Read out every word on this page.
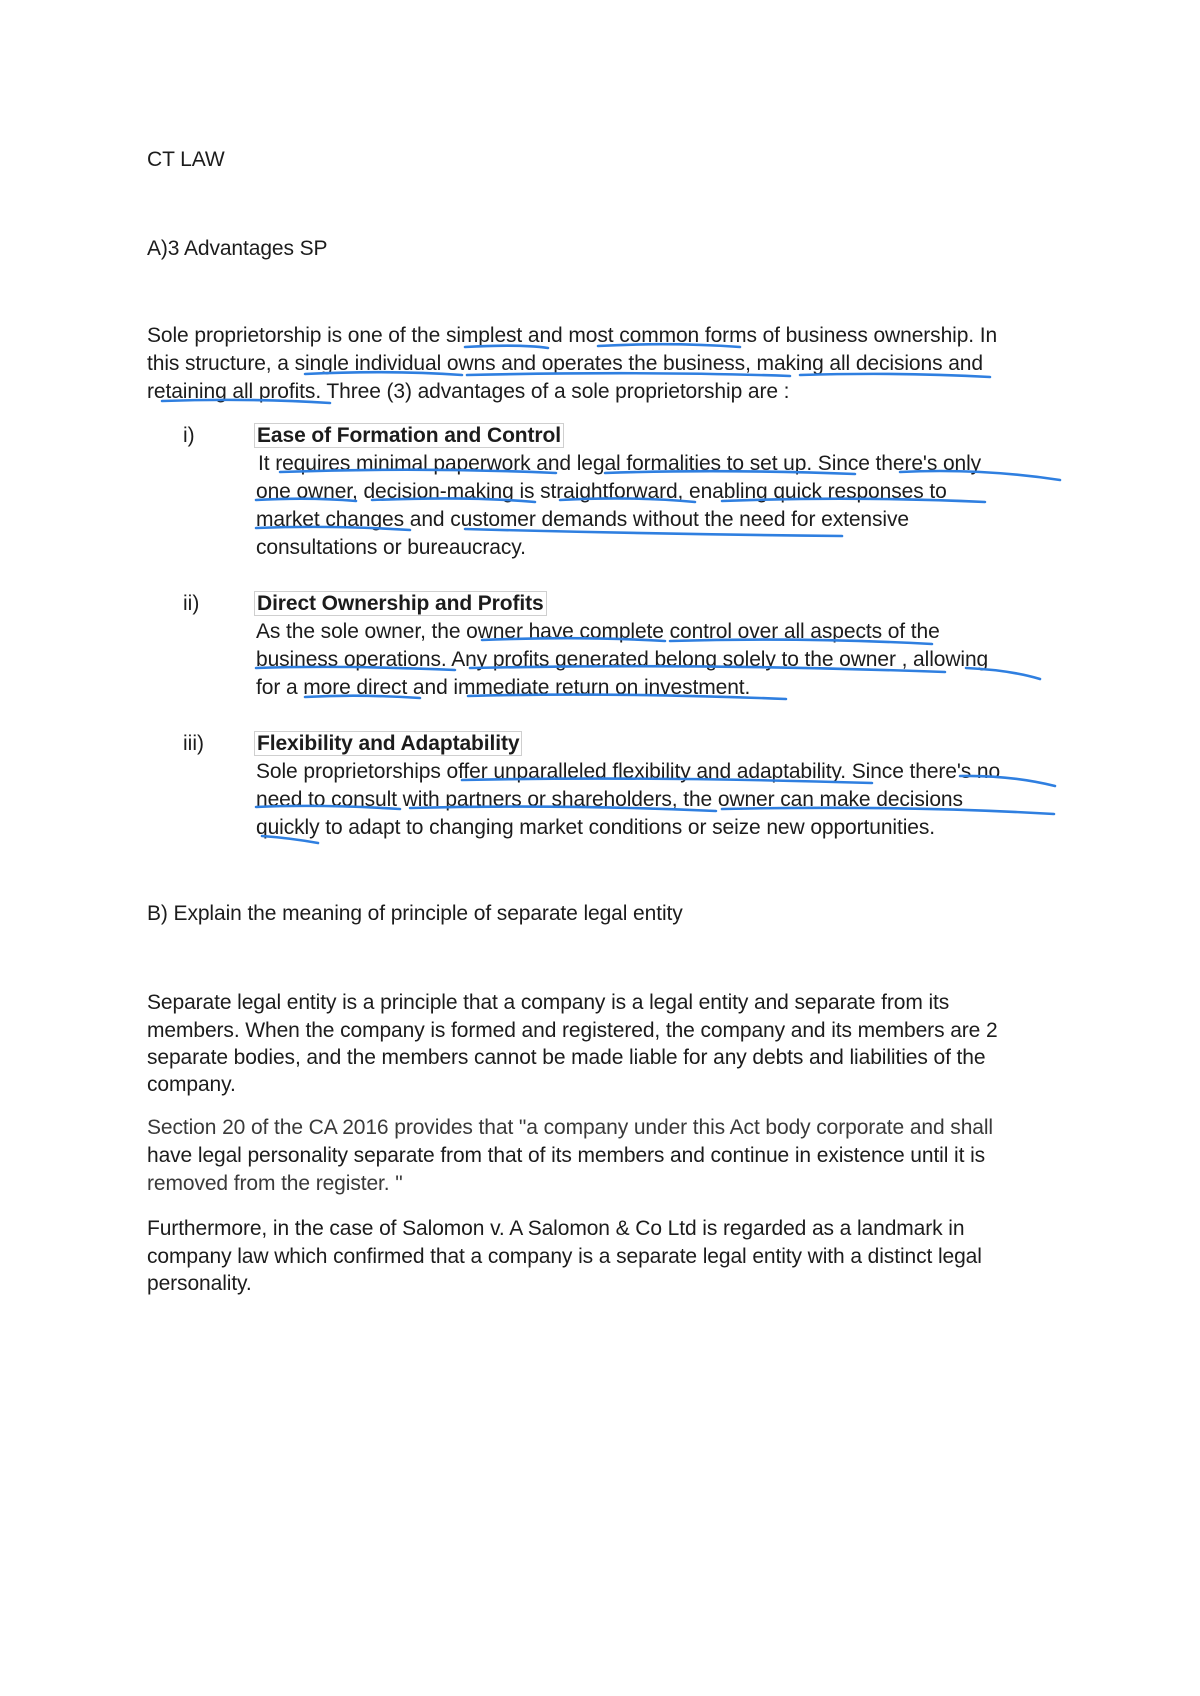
CT LAW
A)3 Advantages SP
Sole proprietorship is one of the simplest and most common forms of business ownership. In
this structure, a single individual owns and operates the business, making all decisions and
retaining all profits. Three (3) advantages of a sole proprietorship are :
i)	Ease of Formation and Control
It requires minimal paperwork and legal formalities to set up. Since there's only
one owner, decision-making is straightforward, enabling quick responses to
market changes and customer demands without the need for extensive
consultations or bureaucracy.
ii)	Direct Ownership and Profits
As the sole owner, the owner have complete control over all aspects of the
business operations. Any profits generated belong solely to the owner , allowing
for a more direct and immediate return on investment.
iii)	Flexibility and Adaptability
Sole proprietorships offer unparalleled flexibility and adaptability. Since there's no
need to consult with partners or shareholders, the owner can make decisions
quickly to adapt to changing market conditions or seize new opportunities.
B) Explain the meaning of principle of separate legal entity
Separate legal entity is a principle that a company is a legal entity and separate from its
members. When the company is formed and registered, the company and its members are 2
separate bodies, and the members cannot be made liable for any debts and liabilities of the
company.
Section 20 of the CA 2016 provides that "a company under this Act body corporate and shall
have legal personality separate from that of its members and continue in existence until it is
removed from the register. "
Furthermore, in the case of Salomon v. A Salomon & Co Ltd is regarded as a landmark in
company law which confirmed that a company is a separate legal entity with a distinct legal
personality.
